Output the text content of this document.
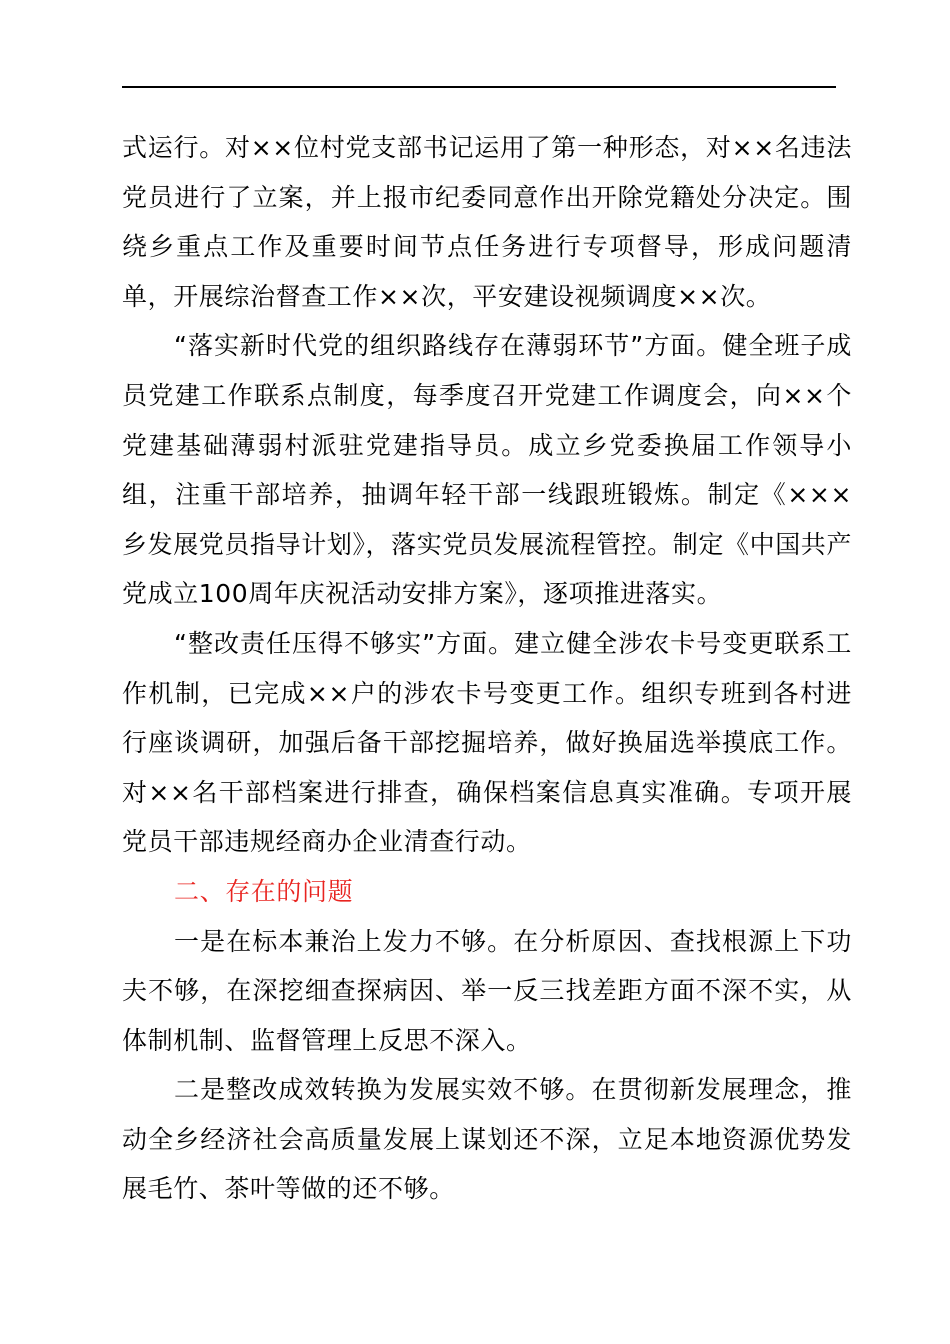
式运行。对××位村党支部书记运用了第一种形态，对××名违法党员进行了立案，并上报市纪委同意作出开除党籍处分决定。围绕乡重点工作及重要时间节点任务进行专项督导，形成问题清单，开展综治督查工作××次，平安建设视频调度××次。

“落实新时代党的组织路线存在薄弱环节”方面。健全班子成员党建工作联系点制度，每季度召开党建工作调度会，向××个党建基础薄弱村派驻党建指导员。成立乡党委换届工作领导小组，注重干部培养，抽调年轻干部一线跟班锻炼。制定《×××乡发展党员指导计划》，落实党员发展流程管控。制定《中国共产党成立100周年庆祝活动安排方案》，逐项推进落实。

“整改责任压得不够实”方面。建立健全涉农卡号变更联系工作机制，已完成××户的涉农卡号变更工作。组织专班到各村进行座谈调研，加强后备干部挖掘培养，做好换届选举摸底工作。对××名干部档案进行排查，确保档案信息真实准确。专项开展党员干部违规经商办企业清查行动。

二、存在的问题

一是在标本兼治上发力不够。在分析原因、查找根源上下功夫不够，在深挖细查探病因、举一反三找差距方面不深不实，从体制机制、监督管理上反思不深入。

二是整改成效转换为发展实效不够。在贯彻新发展理念，推动全乡经济社会高质量发展上谋划还不深，立足本地资源优势发展毛竹、茶叶等做的还不够。
